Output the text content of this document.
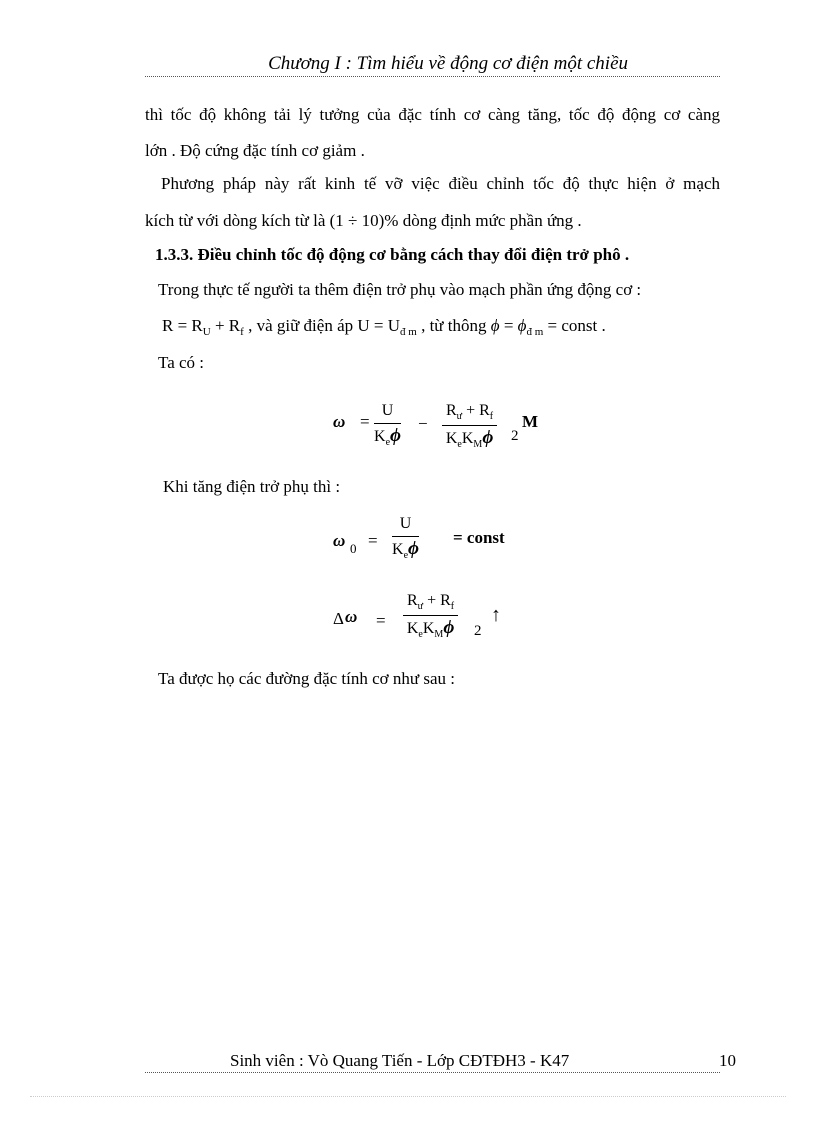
Chương I : Tìm hiểu về động cơ điện một chiều
thì tốc độ không tải lý tưởng của đặc tính cơ càng tăng, tốc độ động cơ càng
lớn . Độ cứng đặc tính cơ giảm .
Phương pháp này rất kinh tế vỡ việc điều chỉnh tốc độ thực hiện ở mạch
kích từ với dòng kích từ là (1 ÷ 10)% dòng định mức phần ứng .
1.3.3. Điều chỉnh tốc độ động cơ bằng cách thay đổi điện trở phô .
Trong thực tế người ta thêm điện trở phụ vào mạch phần ứng động cơ :
$R = R_U + R_f$ , và giữ điện áp $U = U_{đ m}$ , từ thông $\phi = \phi_{đ m}$ = const .
Ta có :
ω =
U
$K_e\phi$
−
$R_ư + R_f$
$K_eK_M\phi$ 2
M
Khi tăng điện trở phụ thì :
ω 0 =
U
$K_e\phi$
= const
Δ ω =
$R_ư + R_f$
$K_eK_M\phi$ 2
↑
Ta được họ các đường đặc tính cơ như sau :
Sinh viên : Vò Quang Tiến - Lớp CĐTĐH3 - K47	10
